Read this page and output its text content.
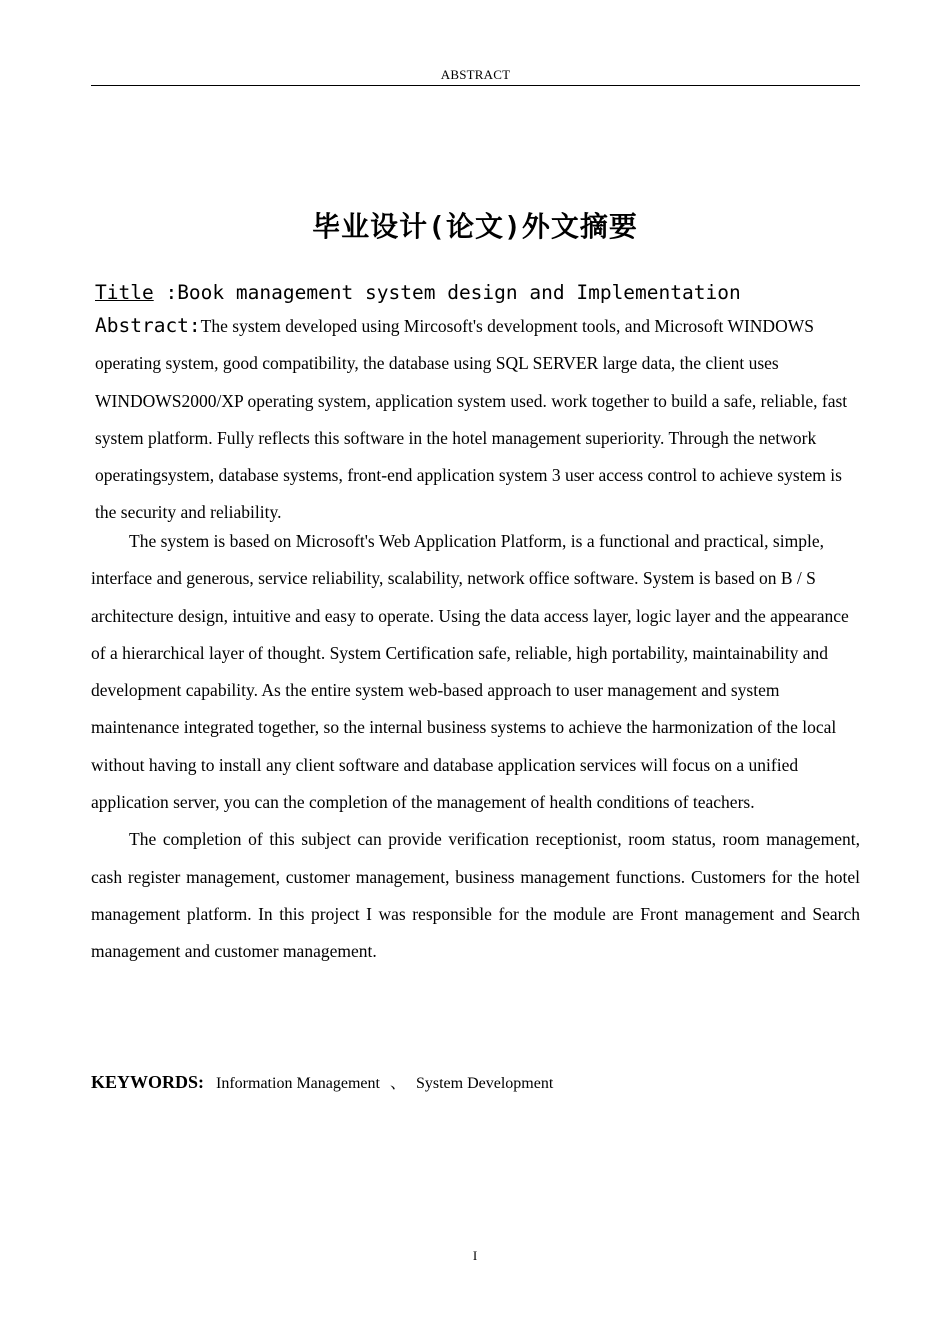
ABSTRACT
毕业设计(论文)外文摘要
Title :Book management system design and Implementation

Abstract:The system developed using Mircosoft's development tools, and Microsoft WINDOWS operating system, good compatibility, the database using SQL SERVER large data, the client uses WINDOWS2000/XP operating system, application system used. work together to build a safe, reliable, fast system platform. Fully reflects this software in the hotel management superiority. Through the network operatingsystem, database systems, front-end application system 3 user access control to achieve system is the security and reliability.

The system is based on Microsoft's Web Application Platform, is a functional and practical, simple, interface and generous, service reliability, scalability, network office software. System is based on B / S architecture design, intuitive and easy to operate. Using the data access layer, logic layer and the appearance of a hierarchical layer of thought. System Certification safe, reliable, high portability, maintainability and development capability. As the entire system web-based approach to user management and system maintenance integrated together, so the internal business systems to achieve the harmonization of the local without having to install any client software and database application services will focus on a unified application server, you can the completion of the management of health conditions of teachers.

The completion of this subject can provide verification receptionist, room status, room management, cash register management, customer management, business management functions. Customers for the hotel management platform. In this project I was responsible for the module are Front management and Search management and customer management.

KEYWORDS: Information Management 、 System Development
I
